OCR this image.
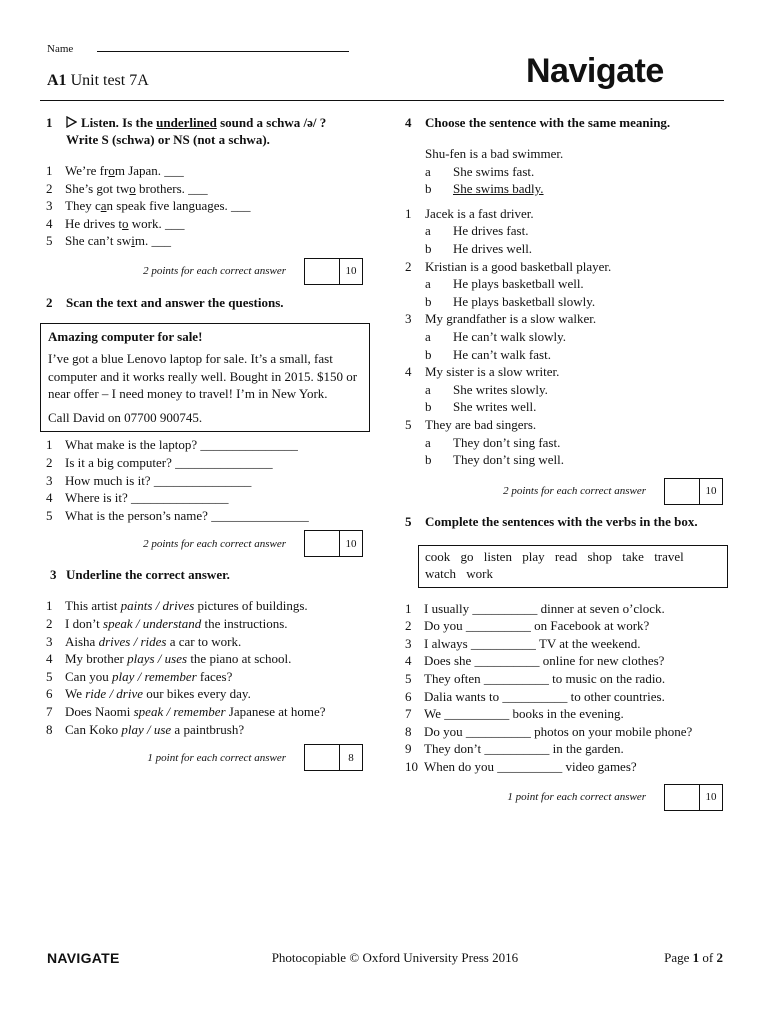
Name
A1 Unit test 7A	Navigate
1	Listen. Is the underlined sound a schwa /ə/ ?
Write S (schwa) or NS (not a schwa).
1 We’re from Japan. ___
2 She’s got two brothers. ___
3 They can speak five languages. ___
4 He drives to work. ___
5 She can’t swim. ___
2 points for each correct answer	10
2	Scan the text and answer the questions.
Amazing computer for sale!

I’ve got a blue Lenovo laptop for sale. It’s a small, fast computer and it works really well. Bought in 2015. $150 or near offer – I need money to travel! I’m in New York.

Call David on 07700 900745.

1 What make is the laptop? _______________
2 Is it a big computer? _______________
3 How much is it? _______________
4 Where is it? _______________
5 What is the person’s name? _______________
2 points for each correct answer	10
3 Underline the correct answer.
1 This artist paints / drives pictures of buildings.
2 I don’t speak / understand the instructions.
3 Aisha drives / rides a car to work.
4 My brother plays / uses the piano at school.
5 Can you play / remember faces?
6 We ride / drive our bikes every day.
7 Does Naomi speak / remember Japanese at home?
8 Can Koko play / use a paintbrush?
1 point for each correct answer	8
4	Choose the sentence with the same meaning.
Shu-fen is a bad swimmer.
a	She swims fast.
b	She swims badly.
1	Jacek is a fast driver.
a	He drives fast.
b	He drives well.
2	Kristian is a good basketball player.
a	He plays basketball well.
b	He plays basketball slowly.
3	My grandfather is a slow walker.
a	He can’t walk slowly.
b	He can’t walk fast.
4	My sister is a slow writer.
a	She writes slowly.
b	She writes well.
5	They are bad singers.
a	They don’t sing fast.
b	They don’t sing well.
2 points for each correct answer	10
5	Complete the sentences with the verbs in the box.
cook go listen play read shop take travel watch work
1 I usually __________ dinner at seven o’clock.
2 Do you __________ on Facebook at work?
3 I always __________ TV at the weekend.
4 Does she __________ online for new clothes?
5 They often __________ to music on the radio.
6 Dalia wants to __________ to other countries.
7 We __________ books in the evening.
8 Do you __________ photos on your mobile phone?
9 They don’t __________ in the garden.
10 When do you __________ video games?
1 point for each correct answer	10
NAVIGATE	Photocopiable © Oxford University Press 2016	Page 1 of 2
